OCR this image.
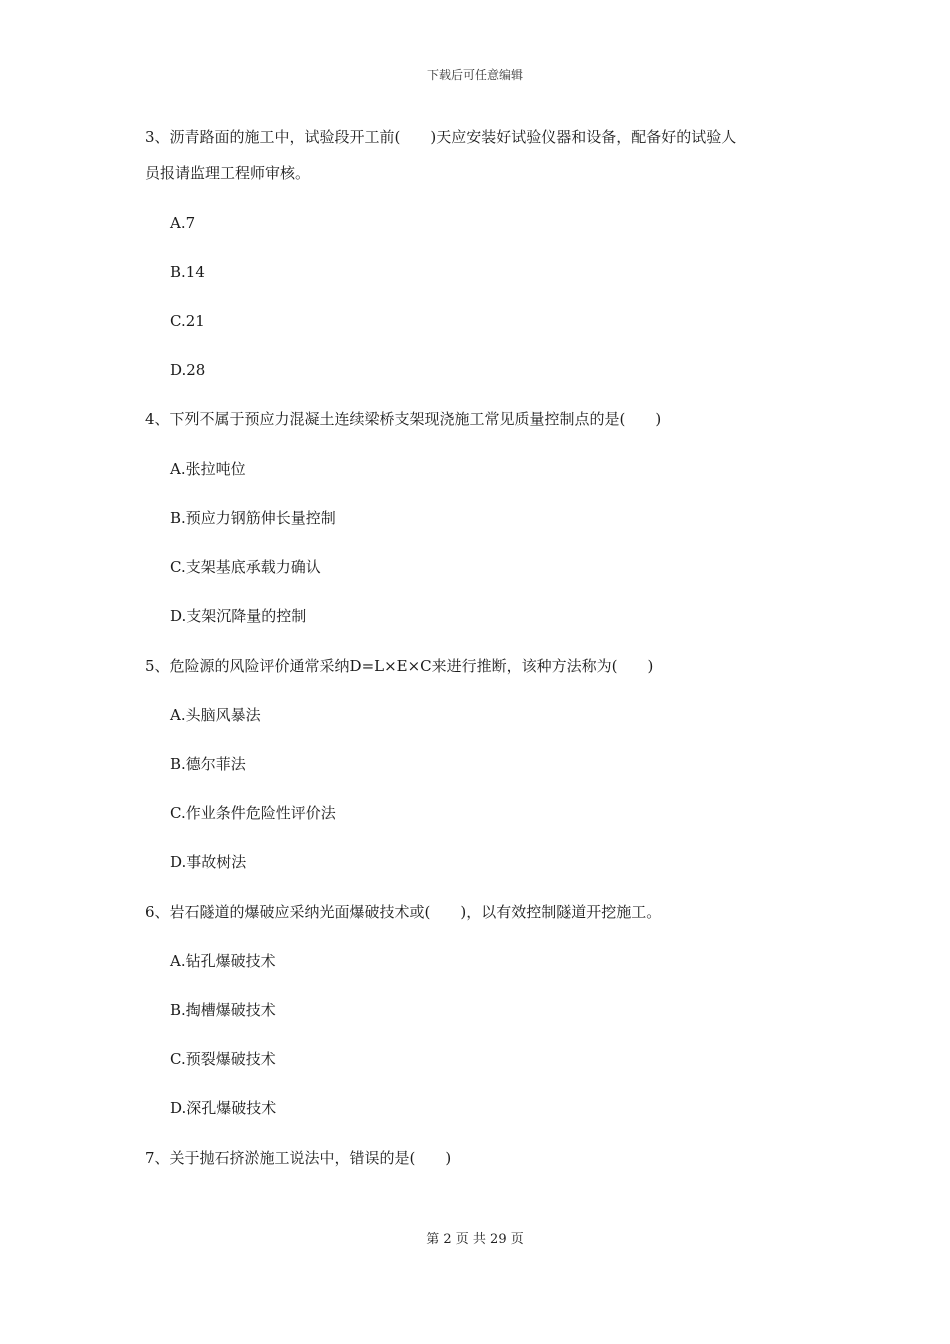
下载后可任意编辑
3、沥青路面的施工中，试验段开工前(　　)天应安装好试验仪器和设备，配备好的试验人
员报请监理工程师审核。
A.7
B.14
C.21
D.28
4、下列不属于预应力混凝土连续梁桥支架现浇施工常见质量控制点的是(　　)
A.张拉吨位
B.预应力钢筋伸长量控制
C.支架基底承载力确认
D.支架沉降量的控制
5、危险源的风险评价通常采纳D=L×E×C来进行推断，该种方法称为(　　)
A.头脑风暴法
B.德尔菲法
C.作业条件危险性评价法
D.事故树法
6、岩石隧道的爆破应采纳光面爆破技术或(　　)，以有效控制隧道开挖施工。
A.钻孔爆破技术
B.掏槽爆破技术
C.预裂爆破技术
D.深孔爆破技术
7、关于抛石挤淤施工说法中，错误的是(　　)
第 2 页 共 29 页
